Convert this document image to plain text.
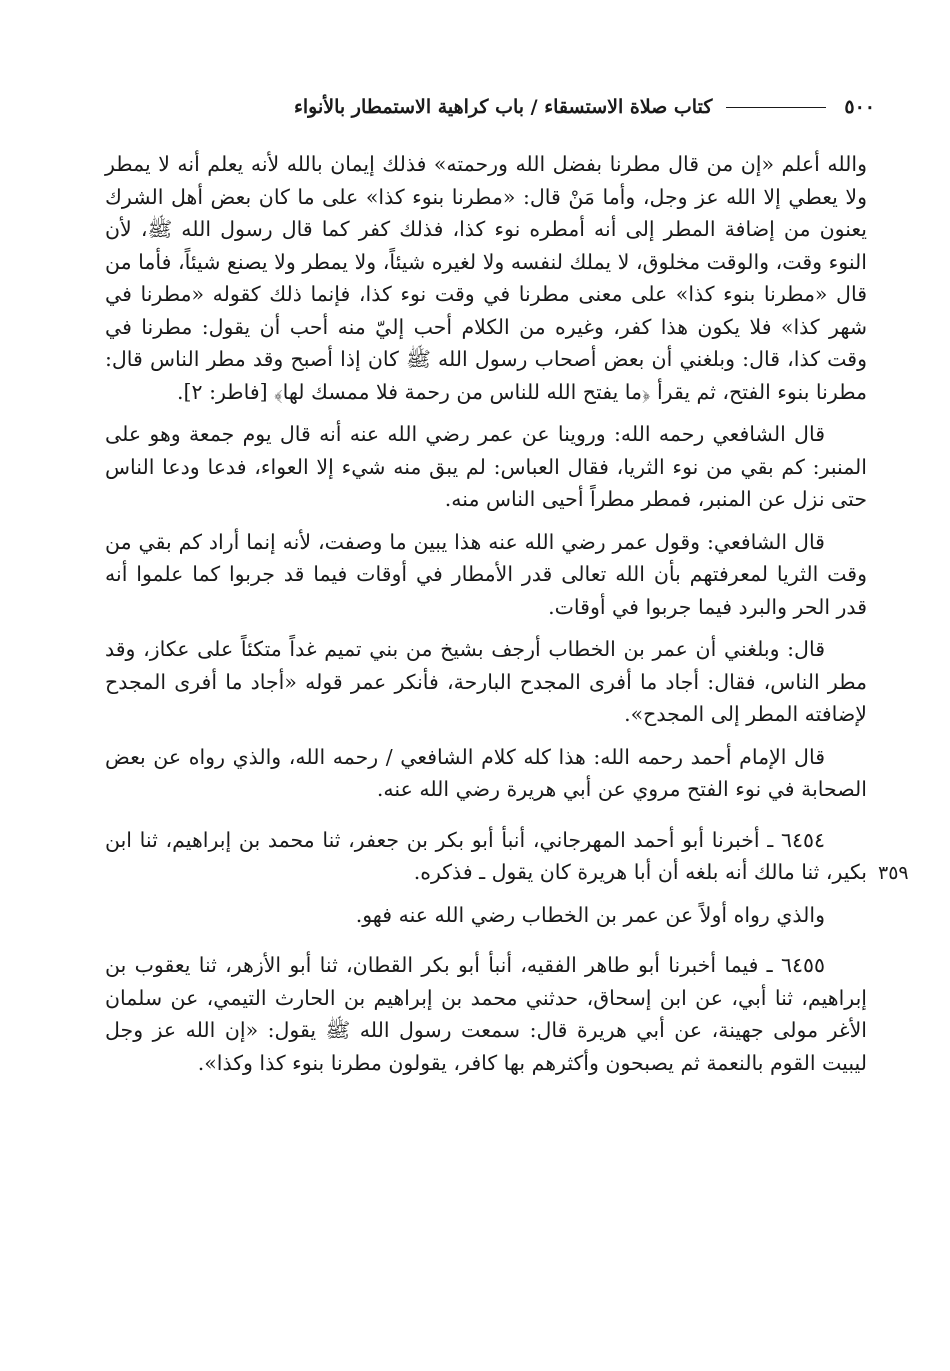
٥٠٠
كتاب صلاة الاستسقاء / باب كراهية الاستمطار بالأنواء
٣٥٩

والله أعلم «إن من قال مطرنا بفضل الله ورحمته» فذلك إيمان بالله لأنه يعلم أنه لا يمطر ولا يعطي إلا الله عز وجل، وأما مَنْ قال: «مطرنا بنوء كذا» على ما كان بعض أهل الشرك يعنون من إضافة المطر إلى أنه أمطره نوء كذا، فذلك كفر كما قال رسول الله ﷺ، لأن النوء وقت، والوقت مخلوق، لا يملك لنفسه ولا لغيره شيئاً، ولا يمطر ولا يصنع شيئاً، فأما من قال «مطرنا بنوء كذا» على معنى مطرنا في وقت نوء كذا، فإنما ذلك كقوله «مطرنا في شهر كذا» فلا يكون هذا كفر، وغيره من الكلام أحب إليّ منه أحب أن يقول: مطرنا في وقت كذا، قال: وبلغني أن بعض أصحاب رسول الله ﷺ كان إذا أصبح وقد مطر الناس قال: مطرنا بنوء الفتح، ثم يقرأ ﴿ما يفتح الله للناس من رحمة فلا ممسك لها﴾ [فاطر: ٢].

قال الشافعي رحمه الله: وروينا عن عمر رضي الله عنه أنه قال يوم جمعة وهو على المنبر: كم بقي من نوء الثريا، فقال العباس: لم يبق منه شيء إلا العواء، فدعا ودعا الناس حتى نزل عن المنبر، فمطر مطراً أحيى الناس منه.

قال الشافعي: وقول عمر رضي الله عنه هذا يبين ما وصفت، لأنه إنما أراد كم بقي من وقت الثريا لمعرفتهم بأن الله تعالى قدر الأمطار في أوقات فيما قد جربوا كما علموا أنه قدر الحر والبرد فيما جربوا في أوقات.

قال: وبلغني أن عمر بن الخطاب أرجف بشيخ من بني تميم غداً متكئاً على عكاز، وقد مطر الناس، فقال: أجاد ما أفرى المجدح البارحة، فأنكر عمر قوله «أجاد ما أفرى المجدح لإضافته المطر إلى المجدح».

قال الإمام أحمد رحمه الله: هذا كله كلام الشافعي / رحمه الله، والذي رواه عن بعض الصحابة في نوء الفتح مروي عن أبي هريرة رضي الله عنه.

٦٤٥٤ ـ أخبرنا أبو أحمد المهرجاني، أنبأ أبو بكر بن جعفر، ثنا محمد بن إبراهيم، ثنا ابن بكير، ثنا مالك أنه بلغه أن أبا هريرة كان يقول ـ فذكره.

والذي رواه أولاً عن عمر بن الخطاب رضي الله عنه فهو.

٦٤٥٥ ـ فيما أخبرنا أبو طاهر الفقيه، أنبأ أبو بكر القطان، ثنا أبو الأزهر، ثنا يعقوب بن إبراهيم، ثنا أبي، عن ابن إسحاق، حدثني محمد بن إبراهيم بن الحارث التيمي، عن سلمان الأغر مولى جهينة، عن أبي هريرة قال: سمعت رسول الله ﷺ يقول: «إن الله عز وجل ليبيت القوم بالنعمة ثم يصبحون وأكثرهم بها كافر، يقولون مطرنا بنوء كذا وكذا».
